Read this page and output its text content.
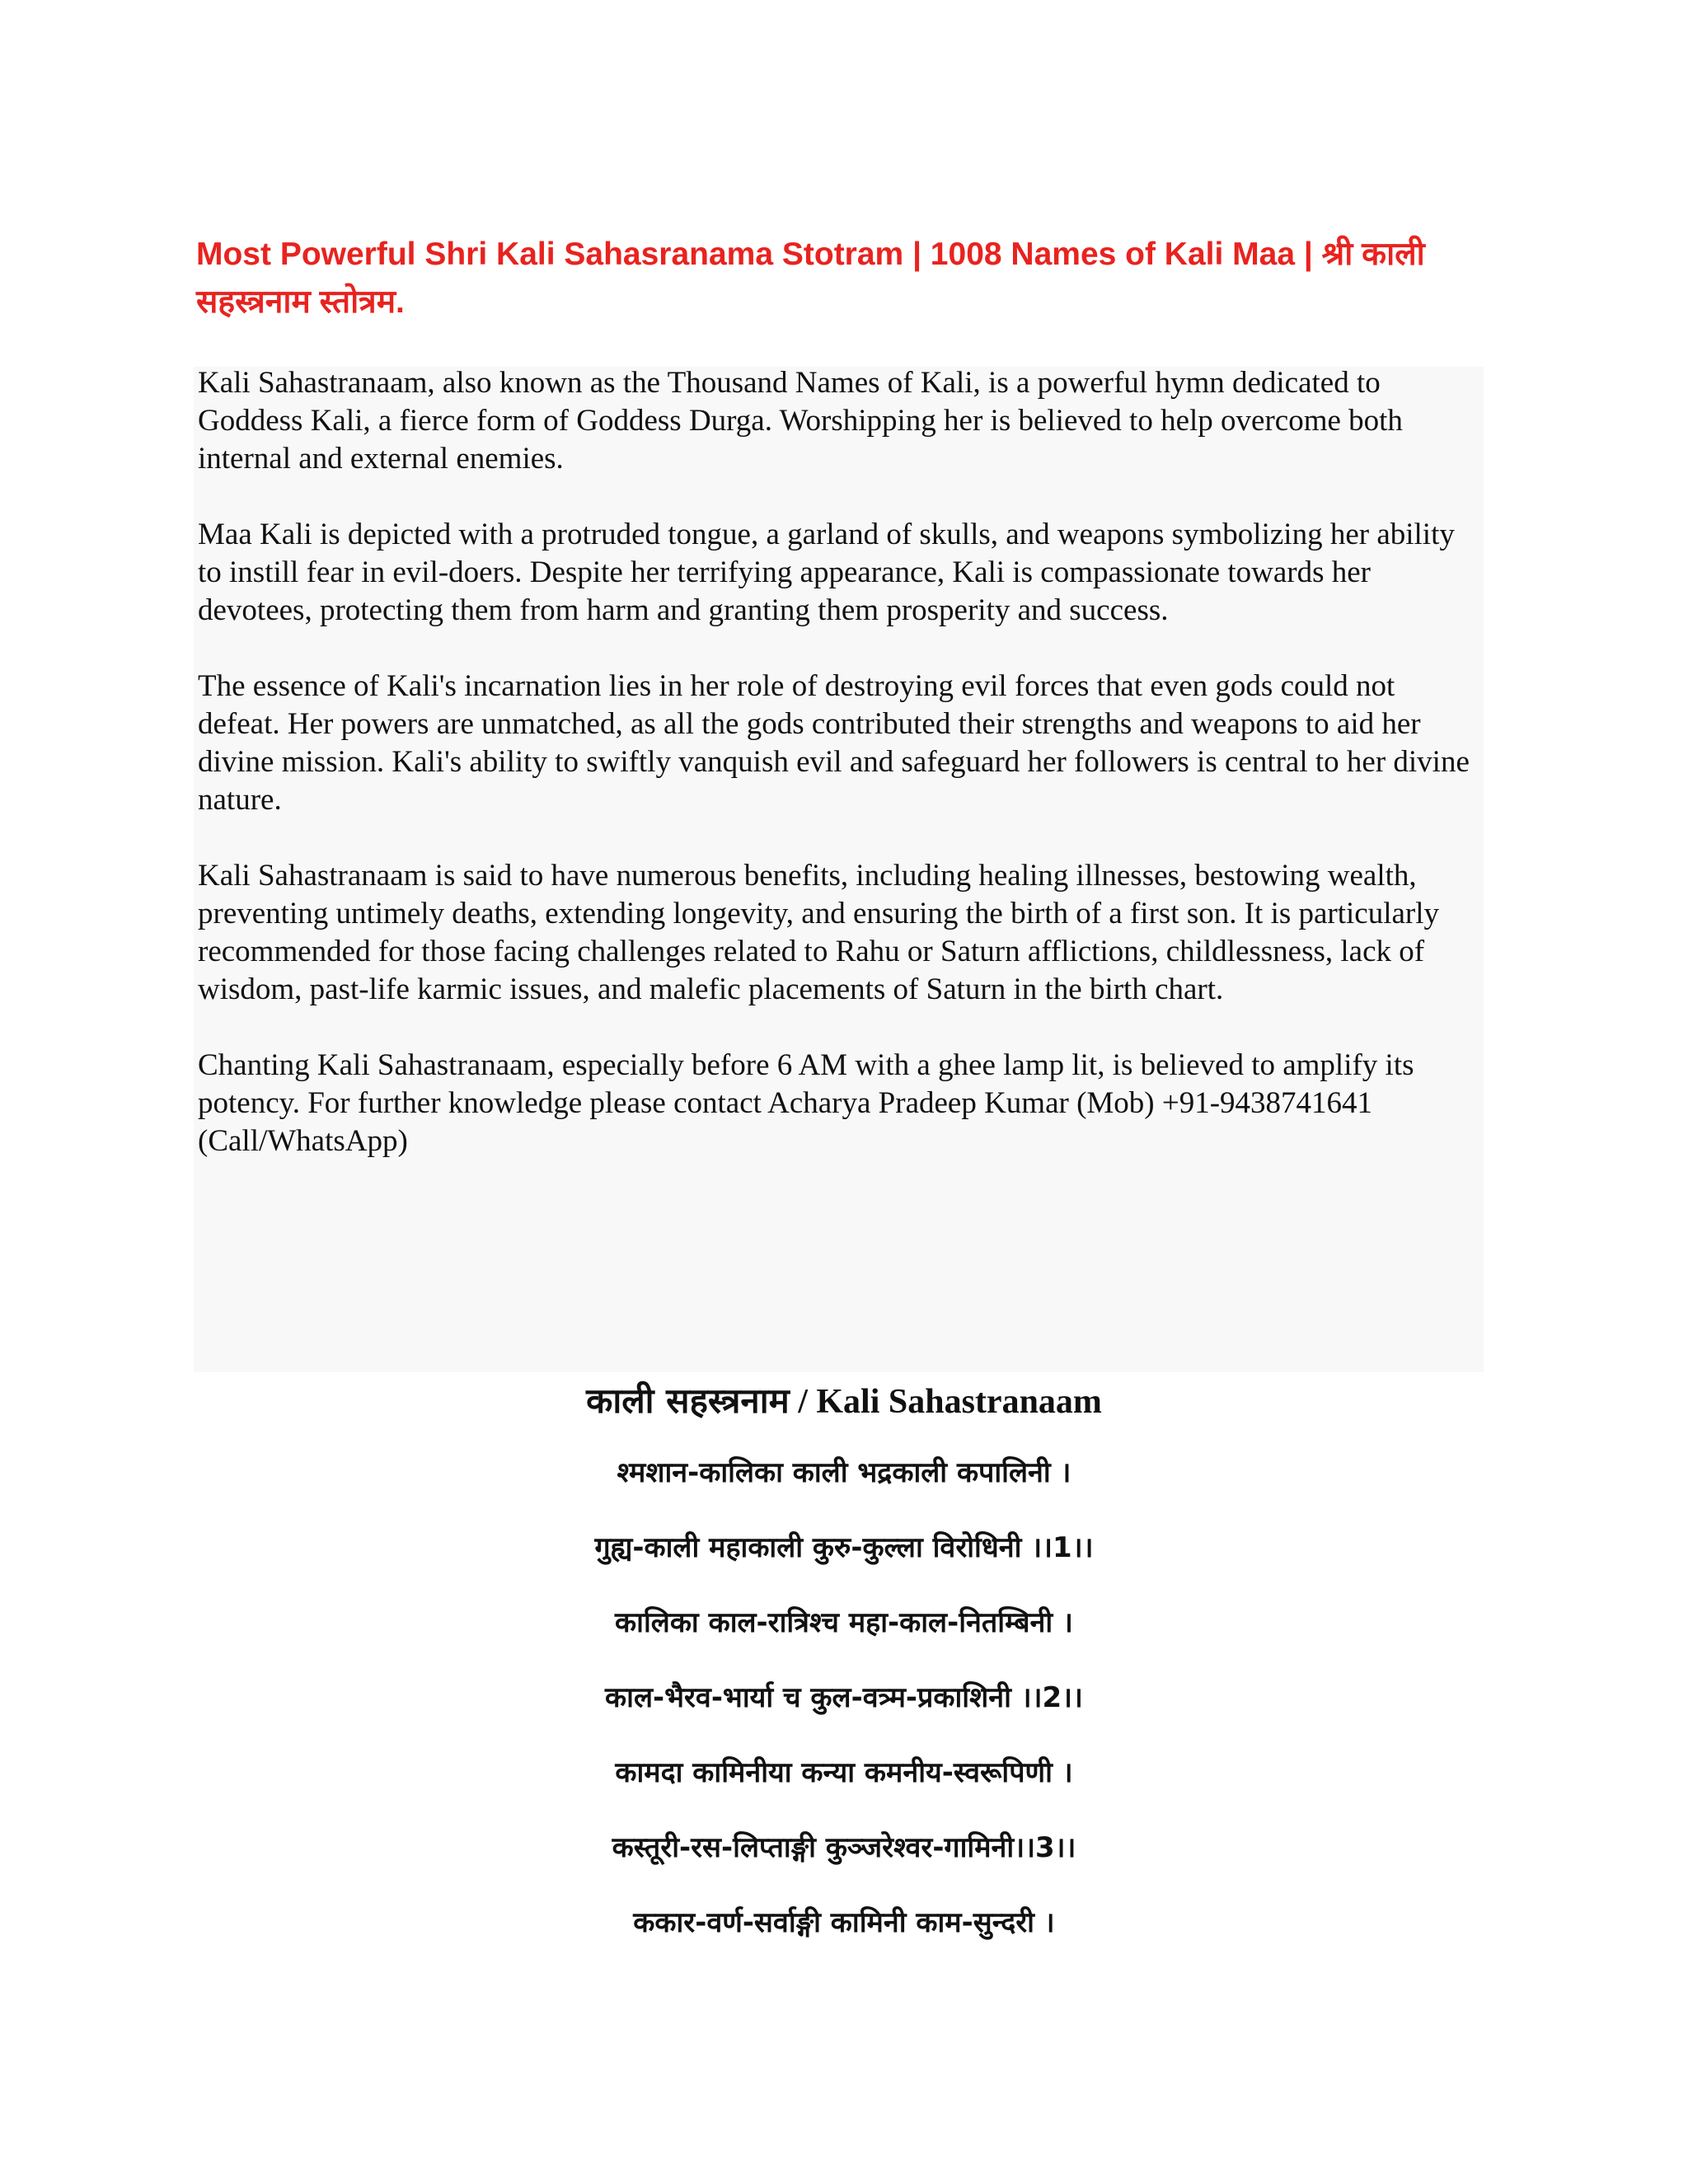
Most Powerful Shri Kali Sahasranama Stotram | 1008 Names of Kali Maa | श्री काली सहस्त्रनाम स्तोत्रम.

Kali Sahastranaam, also known as the Thousand Names of Kali, is a powerful hymn dedicated to Goddess Kali, a fierce form of Goddess Durga. Worshipping her is believed to help overcome both internal and external enemies.

Maa Kali is depicted with a protruded tongue, a garland of skulls, and weapons symbolizing her ability to instill fear in evil-doers. Despite her terrifying appearance, Kali is compassionate towards her devotees, protecting them from harm and granting them prosperity and success.

The essence of Kali's incarnation lies in her role of destroying evil forces that even gods could not defeat. Her powers are unmatched, as all the gods contributed their strengths and weapons to aid her divine mission. Kali's ability to swiftly vanquish evil and safeguard her followers is central to her divine nature.

Kali Sahastranaam is said to have numerous benefits, including healing illnesses, bestowing wealth, preventing untimely deaths, extending longevity, and ensuring the birth of a first son. It is particularly recommended for those facing challenges related to Rahu or Saturn afflictions, childlessness, lack of wisdom, past-life karmic issues, and malefic placements of Saturn in the birth chart.

Chanting Kali Sahastranaam, especially before 6 AM with a ghee lamp lit, is believed to amplify its potency. For further knowledge please contact Acharya Pradeep Kumar (Mob) +91-9438741641 (Call/WhatsApp)

काली सहस्त्रनाम / Kali Sahastranaam
श्मशान-कालिका काली भद्रकाली कपालिनी ।
गुह्य-काली महाकाली कुरु-कुल्ला विरोधिनी ।।1।।
कालिका काल-रात्रिश्च महा-काल-नितम्बिनी ।
काल-भैरव-भार्या च कुल-वत्र्म-प्रकाशिनी ।।2।।
कामदा कामिनीया कन्या कमनीय-स्वरूपिणी ।
कस्तूरी-रस-लिप्ताङ्गी कुञ्जरेश्वर-गामिनी।।3।।
ककार-वर्ण-सर्वाङ्गी कामिनी काम-सुन्दरी ।
